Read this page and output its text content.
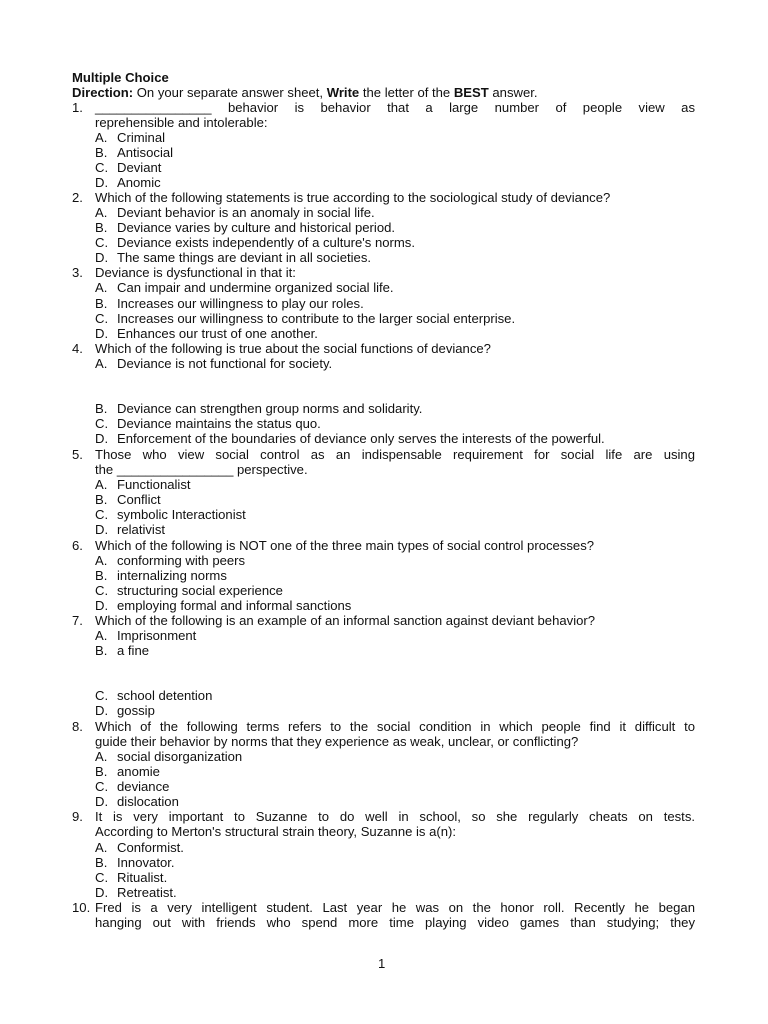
Multiple Choice
Direction: On your separate answer sheet, Write the letter of the BEST answer.
1. ________________ behavior is behavior that a large number of people view as
reprehensible and intolerable:
A. Criminal
B. Antisocial
C. Deviant
D. Anomic
2. Which of the following statements is true according to the sociological study of deviance?
A. Deviant behavior is an anomaly in social life.
B. Deviance varies by culture and historical period.
C. Deviance exists independently of a culture's norms.
D. The same things are deviant in all societies.
3. Deviance is dysfunctional in that it:
A. Can impair and undermine organized social life.
B. Increases our willingness to play our roles.
C. Increases our willingness to contribute to the larger social enterprise.
D. Enhances our trust of one another.
4. Which of the following is true about the social functions of deviance?
A. Deviance is not functional for society.
B. Deviance can strengthen group norms and solidarity.
C. Deviance maintains the status quo.
D. Enforcement of the boundaries of deviance only serves the interests of the powerful.
5. Those who view social control as an indispensable requirement for social life are using
the ________________ perspective.
A. Functionalist
B. Conflict
C. symbolic Interactionist
D. relativist
6. Which of the following is NOT one of the three main types of social control processes?
A. conforming with peers
B. internalizing norms
C. structuring social experience
D. employing formal and informal sanctions
7. Which of the following is an example of an informal sanction against deviant behavior?
A. Imprisonment
B. a fine
C. school detention
D. gossip
8. Which of the following terms refers to the social condition in which people find it difficult to
guide their behavior by norms that they experience as weak, unclear, or conflicting?
A. social disorganization
B. anomie
C. deviance
D. dislocation
9. It is very important to Suzanne to do well in school, so she regularly cheats on tests.
According to Merton's structural strain theory, Suzanne is a(n):
A. Conformist.
B. Innovator.
C. Ritualist.
D. Retreatist.
10. Fred is a very intelligent student. Last year he was on the honor roll. Recently he began
hanging out with friends who spend more time playing video games than studying; they
1
